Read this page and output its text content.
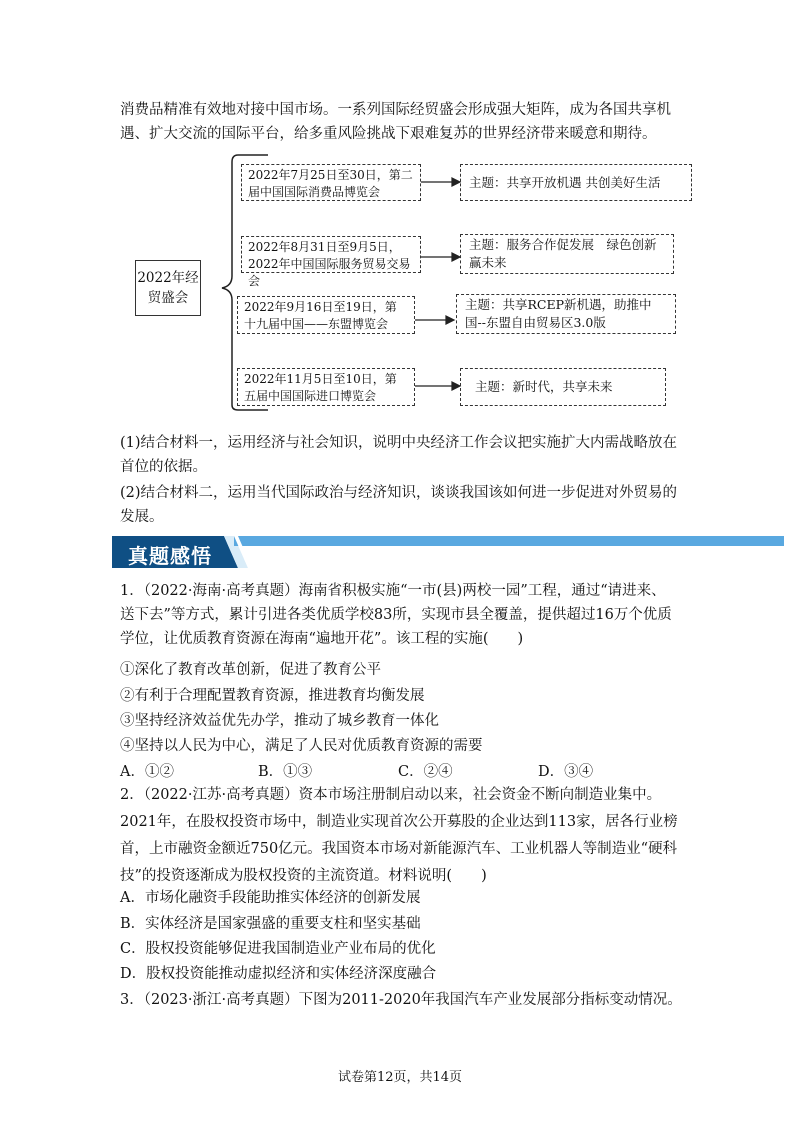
消费品精准有效地对接中国市场。一系列国际经贸盛会形成强大矩阵，成为各国共享机遇、扩大交流的国际平台，给多重风险挑战下艰难复苏的世界经济带来暖意和期待。
2022年经贸盛会
2022年7月25日至30日，第二届中国国际消费品博览会
主题：共享开放机遇 共创美好生活
2022年8月31日至9月5日，2022年中国国际服务贸易交易会
主题：服务合作促发展　绿色创新赢未来
2022年9月16日至19日，第十九届中国——东盟博览会
主题：共享RCEP新机遇，助推中国--东盟自由贸易区3.0版
2022年11月5日至10日，第五届中国国际进口博览会
主题：新时代，共享未来
(1)结合材料一，运用经济与社会知识，说明中央经济工作会议把实施扩大内需战略放在首位的依据。
(2)结合材料二，运用当代国际政治与经济知识，谈谈我国该如何进一步促进对外贸易的发展。
真题感悟
1．（2022·海南·高考真题）海南省积极实施“一市(县)两校一园”工程，通过“请进来、送下去”等方式，累计引进各类优质学校83所，实现市县全覆盖，提供超过16万个优质学位，让优质教育资源在海南“遍地开花”。该工程的实施(　　)
①深化了教育改革创新，促进了教育公平
②有利于合理配置教育资源，推进教育均衡发展
③坚持经济效益优先办学，推动了城乡教育一体化
④坚持以人民为中心，满足了人民对优质教育资源的需要
A．①②	B．①③	C．②④	D．③④
2．（2022·江苏·高考真题）资本市场注册制启动以来，社会资金不断向制造业集中。2021年，在股权投资市场中，制造业实现首次公开募股的企业达到113家，居各行业榜首，上市融资金额近750亿元。我国资本市场对新能源汽车、工业机器人等制造业“硬科技”的投资逐渐成为股权投资的主流资道。材料说明(　　)
A．市场化融资手段能助推实体经济的创新发展
B．实体经济是国家强盛的重要支柱和坚实基础
C．股权投资能够促进我国制造业产业布局的优化
D．股权投资能推动虚拟经济和实体经济深度融合
3．（2023·浙江·高考真题）下图为2011-2020年我国汽车产业发展部分指标变动情况。
试卷第12页，共14页
